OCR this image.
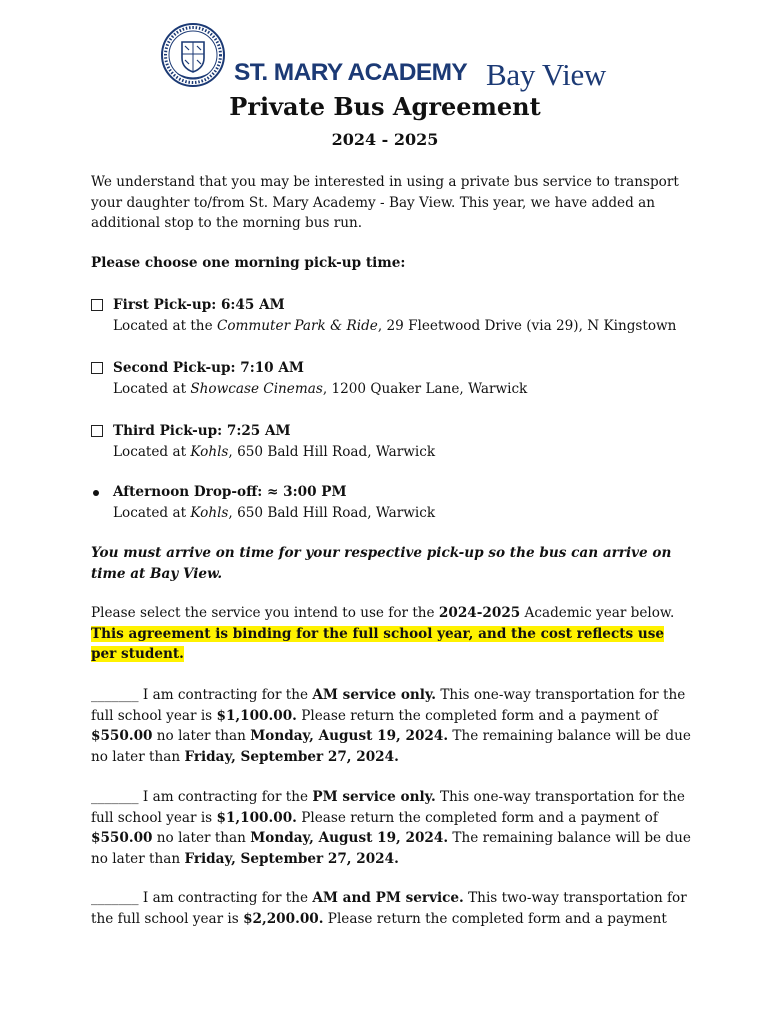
ST. MARY ACADEMY Bay View
Private Bus Agreement
2024 - 2025
We understand that you may be interested in using a private bus service to transport your daughter to/from St. Mary Academy - Bay View. This year, we have added an additional stop to the morning bus run.
Please choose one morning pick-up time:
First Pick-up: 6:45 AM
Located at the Commuter Park & Ride, 29 Fleetwood Drive (via 29), N Kingstown
Second Pick-up: 7:10 AM
Located at Showcase Cinemas, 1200 Quaker Lane, Warwick
Third Pick-up: 7:25 AM
Located at Kohls, 650 Bald Hill Road, Warwick
Afternoon Drop-off: ≈ 3:00 PM
Located at Kohls, 650 Bald Hill Road, Warwick
You must arrive on time for your respective pick-up so the bus can arrive on time at Bay View.
Please select the service you intend to use for the 2024-2025 Academic year below. This agreement is binding for the full school year, and the cost reflects use per student.
_______ I am contracting for the AM service only. This one-way transportation for the full school year is $1,100.00. Please return the completed form and a payment of $550.00 no later than Monday, August 19, 2024. The remaining balance will be due no later than Friday, September 27, 2024.
_______ I am contracting for the PM service only. This one-way transportation for the full school year is $1,100.00. Please return the completed form and a payment of $550.00 no later than Monday, August 19, 2024. The remaining balance will be due no later than Friday, September 27, 2024.
_______ I am contracting for the AM and PM service. This two-way transportation for the full school year is $2,200.00. Please return the completed form and a payment
